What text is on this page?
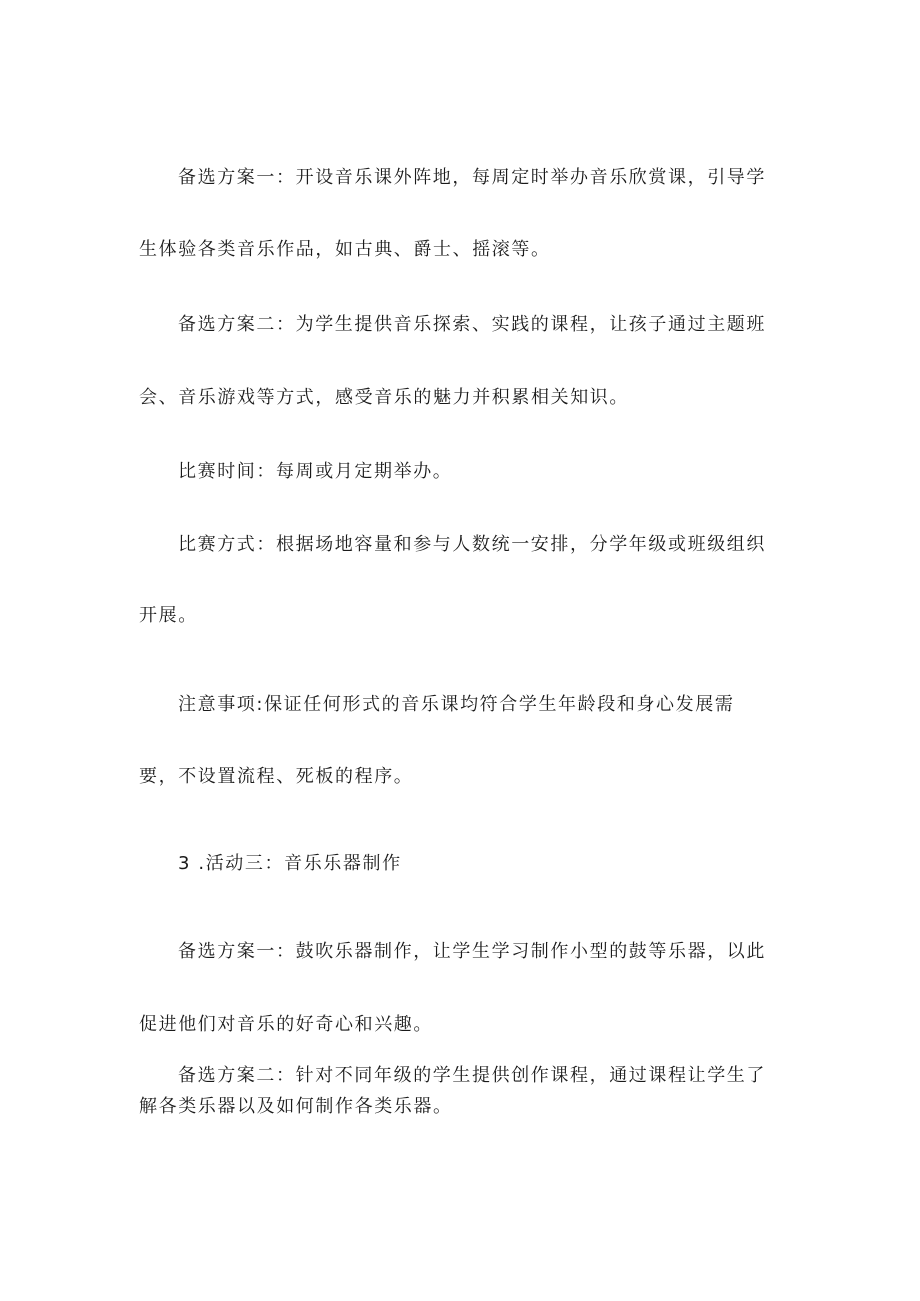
备选方案一：开设音乐课外阵地，每周定时举办音乐欣赏课，引导学

生体验各类音乐作品，如古典、爵士、摇滚等。

备选方案二：为学生提供音乐探索、实践的课程，让孩子通过主题班

会、音乐游戏等方式，感受音乐的魅力并积累相关知识。

比赛时间：每周或月定期举办。

比赛方式：根据场地容量和参与人数统一安排，分学年级或班级组织

开展。

注意事项:保证任何形式的音乐课均符合学生年龄段和身心发展需

要，不设置流程、死板的程序。

3 .活动三：音乐乐器制作

备选方案一：鼓吹乐器制作，让学生学习制作小型的鼓等乐器，以此

促进他们对音乐的好奇心和兴趣。

备选方案二：针对不同年级的学生提供创作课程，通过课程让学生了

解各类乐器以及如何制作各类乐器。
